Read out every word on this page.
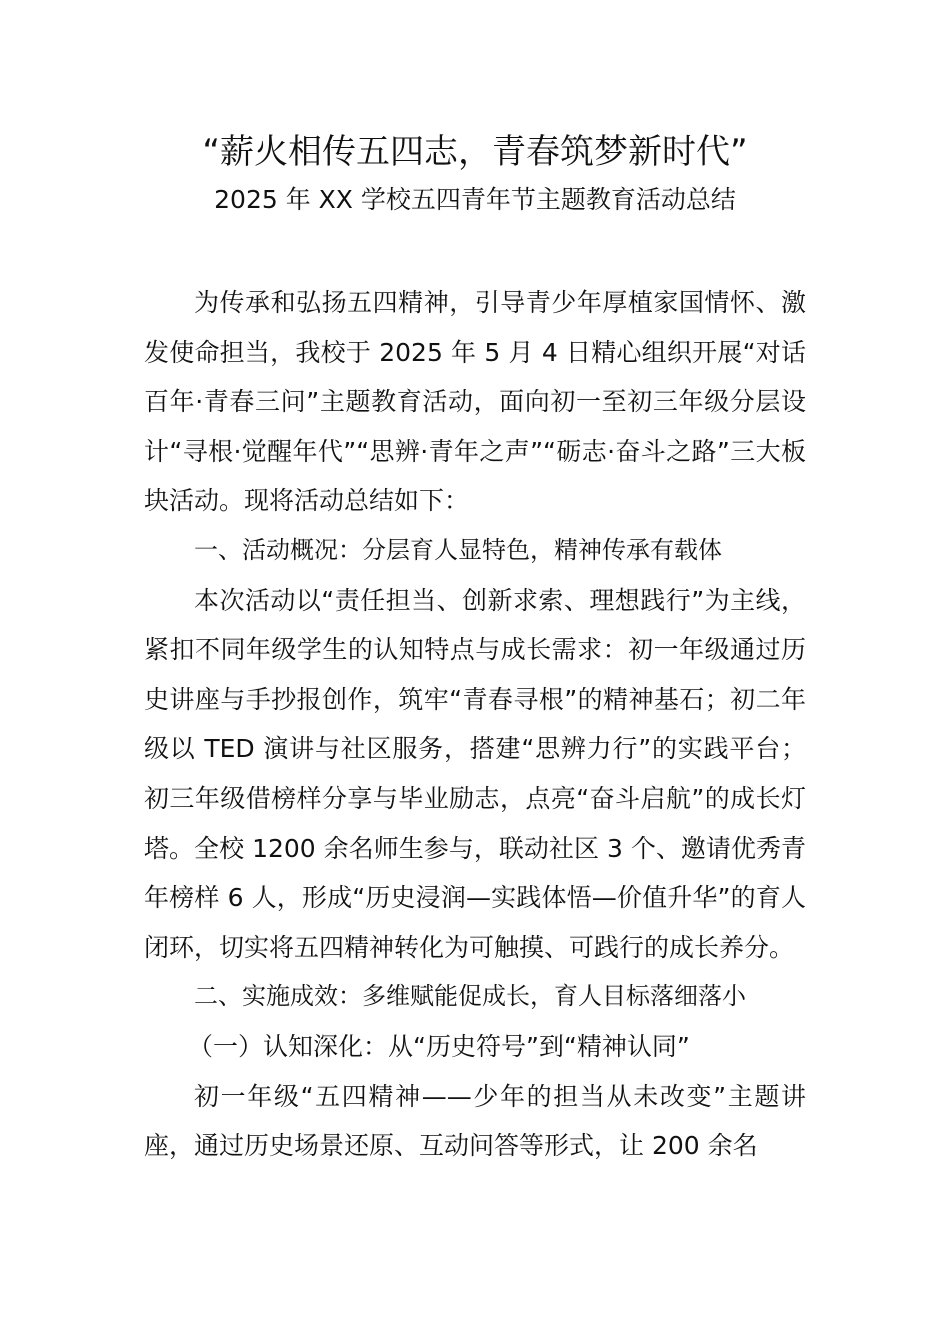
“薪火相传五四志，青春筑梦新时代”
2025 年 XX 学校五四青年节主题教育活动总结

为传承和弘扬五四精神，引导青少年厚植家国情怀、激发使命担当，我校于 2025 年 5 月 4 日精心组织开展“对话百年·青春三问”主题教育活动，面向初一至初三年级分层设计“寻根·觉醒年代”“思辨·青年之声”“砺志·奋斗之路”三大板块活动。现将活动总结如下：

一、活动概况：分层育人显特色，精神传承有载体

本次活动以“责任担当、创新求索、理想践行”为主线，紧扣不同年级学生的认知特点与成长需求：初一年级通过历史讲座与手抄报创作，筑牢“青春寻根”的精神基石；初二年级以 TED 演讲与社区服务，搭建“思辨力行”的实践平台；初三年级借榜样分享与毕业励志，点亮“奋斗启航”的成长灯塔。全校 1200 余名师生参与，联动社区 3 个、邀请优秀青年榜样 6 人，形成“历史浸润—实践体悟—价值升华”的育人闭环，切实将五四精神转化为可触摸、可践行的成长养分。

二、实施成效：多维赋能促成长，育人目标落细落小

（一）认知深化：从“历史符号”到“精神认同”

初一年级“五四精神——少年的担当从未改变”主题讲座，通过历史场景还原、互动问答等形式，让 200 余名
